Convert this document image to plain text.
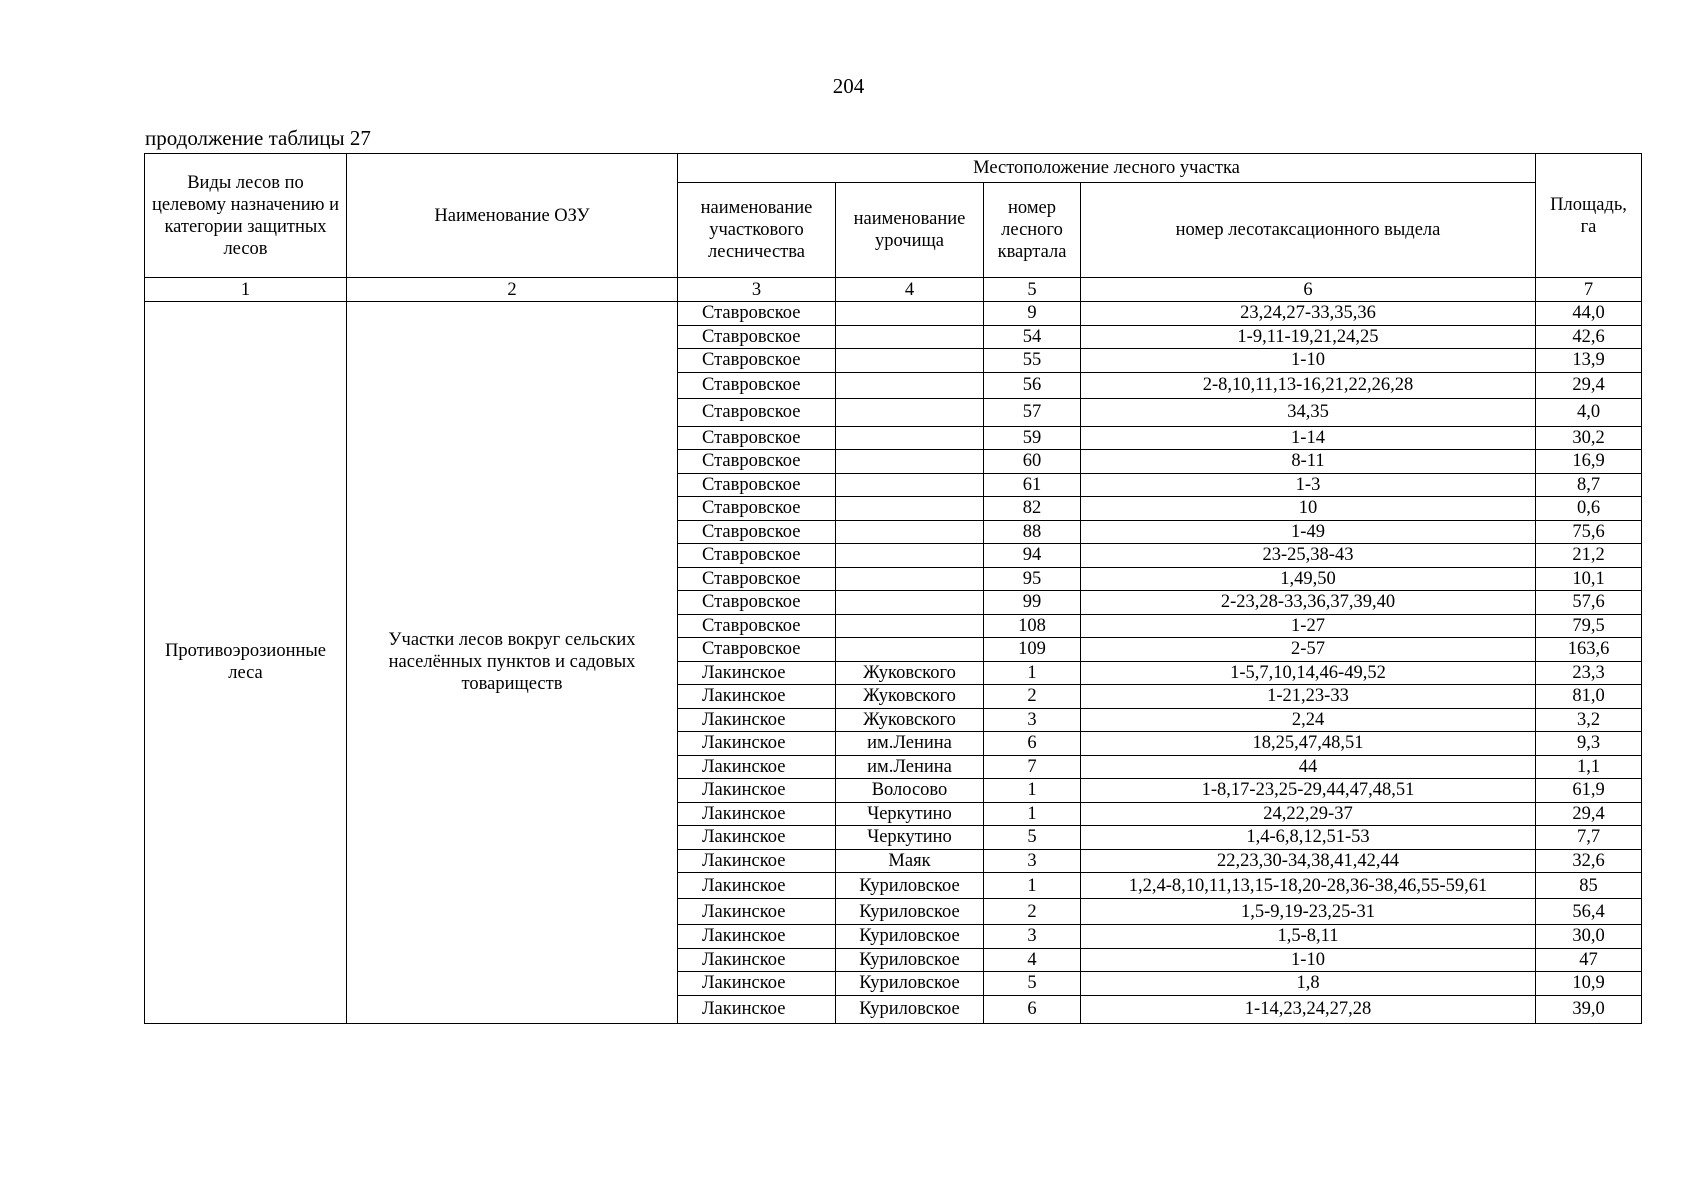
204
продолжение таблицы 27
Виды лесов по целевому назначению и категории защитных лесов	Наименование ОЗУ	Местоположение лесного участка				Площадь, га
		наименование участкового лесничества	наименование урочища	номер лесного квартала	номер лесотаксационного выдела	
1	2	3	4	5	6	7
Противоэрозионные леса	Участки лесов вокруг сельских населённых пунктов и садовых товариществ	Ставровское		9	23,24,27-33,35,36	44,0
		Ставровское		54	1-9,11-19,21,24,25	42,6
		Ставровское		55	1-10	13,9
		Ставровское		56	2-8,10,11,13-16,21,22,26,28	29,4
		Ставровское		57	34,35	4,0
		Ставровское		59	1-14	30,2
		Ставровское		60	8-11	16,9
		Ставровское		61	1-3	8,7
		Ставровское		82	10	0,6
		Ставровское		88	1-49	75,6
		Ставровское		94	23-25,38-43	21,2
		Ставровское		95	1,49,50	10,1
		Ставровское		99	2-23,28-33,36,37,39,40	57,6
		Ставровское		108	1-27	79,5
		Ставровское		109	2-57	163,6
		Лакинское	Жуковского	1	1-5,7,10,14,46-49,52	23,3
		Лакинское	Жуковского	2	1-21,23-33	81,0
		Лакинское	Жуковского	3	2,24	3,2
		Лакинское	им.Ленина	6	18,25,47,48,51	9,3
		Лакинское	им.Ленина	7	44	1,1
		Лакинское	Волосово	1	1-8,17-23,25-29,44,47,48,51	61,9
		Лакинское	Черкутино	1	24,22,29-37	29,4
		Лакинское	Черкутино	5	1,4-6,8,12,51-53	7,7
		Лакинское	Маяк	3	22,23,30-34,38,41,42,44	32,6
		Лакинское	Куриловское	1	1,2,4-8,10,11,13,15-18,20-28,36-38,46,55-59,61	85
		Лакинское	Куриловское	2	1,5-9,19-23,25-31	56,4
		Лакинское	Куриловское	3	1,5-8,11	30,0
		Лакинское	Куриловское	4	1-10	47
		Лакинское	Куриловское	5	1,8	10,9
		Лакинское	Куриловское	6	1-14,23,24,27,28	39,0
